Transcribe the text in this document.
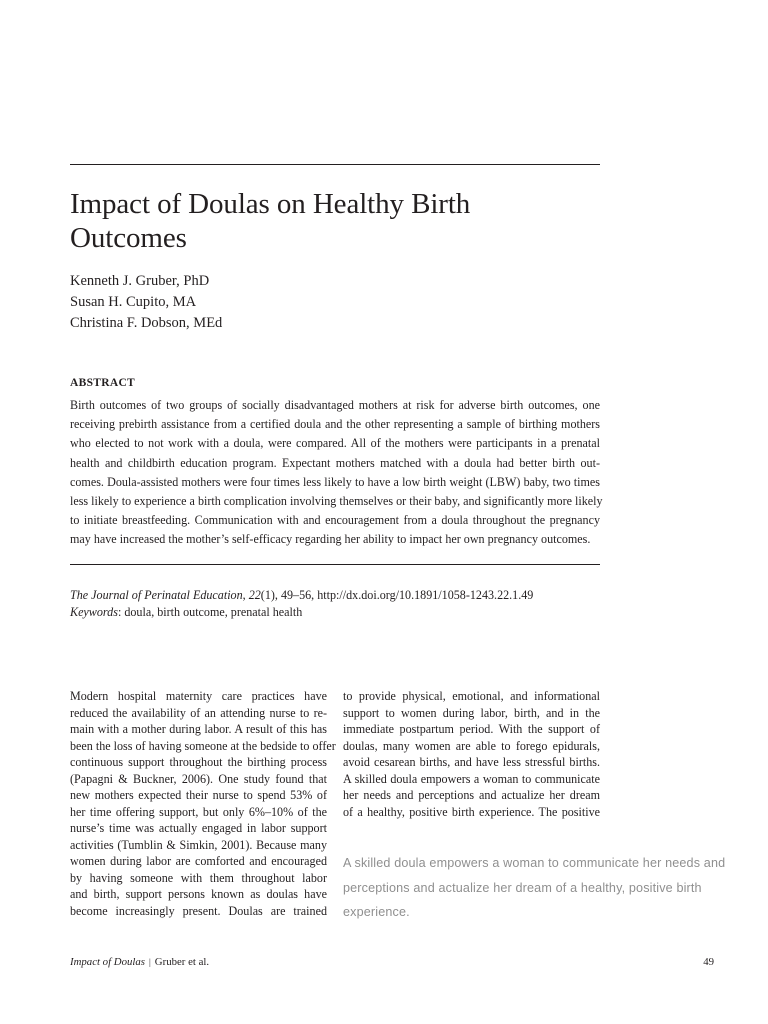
Impact of Doulas on Healthy Birth
Outcomes
Kenneth J. Gruber, PhD
Susan H. Cupito, MA
Christina F. Dobson, MEd
ABSTRACT
Birth outcomes of two groups of socially disadvantaged mothers at risk for adverse birth outcomes, one
receiving prebirth assistance from a certified doula and the other representing a sample of birthing mothers
who elected to not work with a doula, were compared. All of the mothers were participants in a prenatal
health and childbirth education program. Expectant mothers matched with a doula had better birth out-
comes. Doula-assisted mothers were four times less likely to have a low birth weight (LBW) baby, two times
less likely to experience a birth complication involving themselves or their baby, and significantly more likely
to initiate breastfeeding. Communication with and encouragement from a doula throughout the pregnancy
may have increased the mother’s self-efficacy regarding her ability to impact her own pregnancy outcomes.
The Journal of Perinatal Education, 22(1), 49–56, http://dx.doi.org/10.1891/1058-1243.22.1.49
Keywords: doula, birth outcome, prenatal health
Modern hospital maternity care practices have
reduced the availability of an attending nurse to re-
main with a mother during labor. A result of this has
been the loss of having someone at the bedside to offer
continuous support throughout the birthing process
(Papagni & Buckner, 2006). One study found that
new mothers expected their nurse to spend 53% of
her time offering support, but only 6%–10% of the
nurse’s time was actually engaged in labor support
activities (Tumblin & Simkin, 2001). Because many
women during labor are comforted and encouraged
by having someone with them throughout labor
and birth, support persons known as doulas have
become increasingly present. Doulas are trained
to provide physical, emotional, and informational
support to women during labor, birth, and in the
immediate postpartum period. With the support of
doulas, many women are able to forego epidurals,
avoid cesarean births, and have less stressful births.
A skilled doula empowers a woman to communicate
her needs and perceptions and actualize her dream
of a healthy, positive birth experience. The positive
A skilled doula empowers a woman to communicate her needs and
perceptions and actualize her dream of a healthy, positive birth
experience.
Impact of Doulas | Gruber et al.	49
